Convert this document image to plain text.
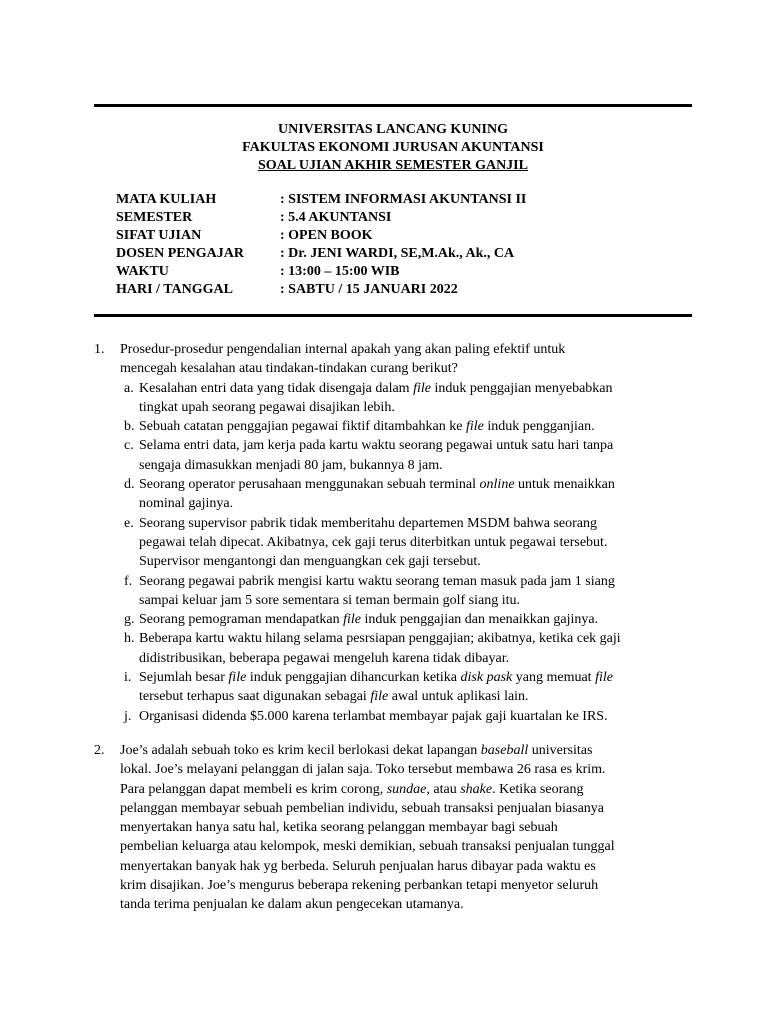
UNIVERSITAS LANCANG KUNING
FAKULTAS EKONOMI JURUSAN AKUNTANSI
SOAL UJIAN AKHIR SEMESTER GANJIL
MATA KULIAH	: SISTEM INFORMASI AKUNTANSI II
SEMESTER	: 5.4 AKUNTANSI
SIFAT UJIAN	: OPEN BOOK
DOSEN PENGAJAR	: Dr. JENI WARDI, SE,M.Ak., Ak., CA
WAKTU	: 13:00 – 15:00 WIB
HARI / TANGGAL	: SABTU / 15 JANUARI 2022
1.	Prosedur-prosedur pengendalian internal apakah yang akan paling efektif untuk
mencegah kesalahan atau tindakan-tindakan curang berikut?
a. Kesalahan entri data yang tidak disengaja dalam file induk penggajian menyebabkan
tingkat upah seorang pegawai disajikan lebih.
b. Sebuah catatan penggajian pegawai fiktif ditambahkan ke file induk pengganjian.
c. Selama entri data, jam kerja pada kartu waktu seorang pegawai untuk satu hari tanpa
sengaja dimasukkan menjadi 80 jam, bukannya 8 jam.
d. Seorang operator perusahaan menggunakan sebuah terminal online untuk menaikkan
nominal gajinya.
e. Seorang supervisor pabrik tidak memberitahu departemen MSDM bahwa seorang
pegawai telah dipecat. Akibatnya, cek gaji terus diterbitkan untuk pegawai tersebut.
Supervisor mengantongi dan menguangkan cek gaji tersebut.
f. Seorang pegawai pabrik mengisi kartu waktu seorang teman masuk pada jam 1 siang
sampai keluar jam 5 sore sementara si teman bermain golf siang itu.
g. Seorang pemograman mendapatkan file induk penggajian dan menaikkan gajinya.
h. Beberapa kartu waktu hilang selama pesrsiapan penggajian; akibatnya, ketika cek gaji
didistribusikan, beberapa pegawai mengeluh karena tidak dibayar.
i. Sejumlah besar file induk penggajian dihancurkan ketika disk pask yang memuat file
tersebut terhapus saat digunakan sebagai file awal untuk aplikasi lain.
j. Organisasi didenda $5.000 karena terlambat membayar pajak gaji kuartalan ke IRS.
2.	Joe’s adalah sebuah toko es krim kecil berlokasi dekat lapangan baseball universitas
lokal. Joe’s melayani pelanggan di jalan saja. Toko tersebut membawa 26 rasa es krim.
Para pelanggan dapat membeli es krim corong, sundae, atau shake. Ketika seorang
pelanggan membayar sebuah pembelian individu, sebuah transaksi penjualan biasanya
menyertakan hanya satu hal, ketika seorang pelanggan membayar bagi sebuah
pembelian keluarga atau kelompok, meski demikian, sebuah transaksi penjualan tunggal
menyertakan banyak hak yg berbeda. Seluruh penjualan harus dibayar pada waktu es
krim disajikan. Joe’s mengurus beberapa rekening perbankan tetapi menyetor seluruh
tanda terima penjualan ke dalam akun pengecekan utamanya.
